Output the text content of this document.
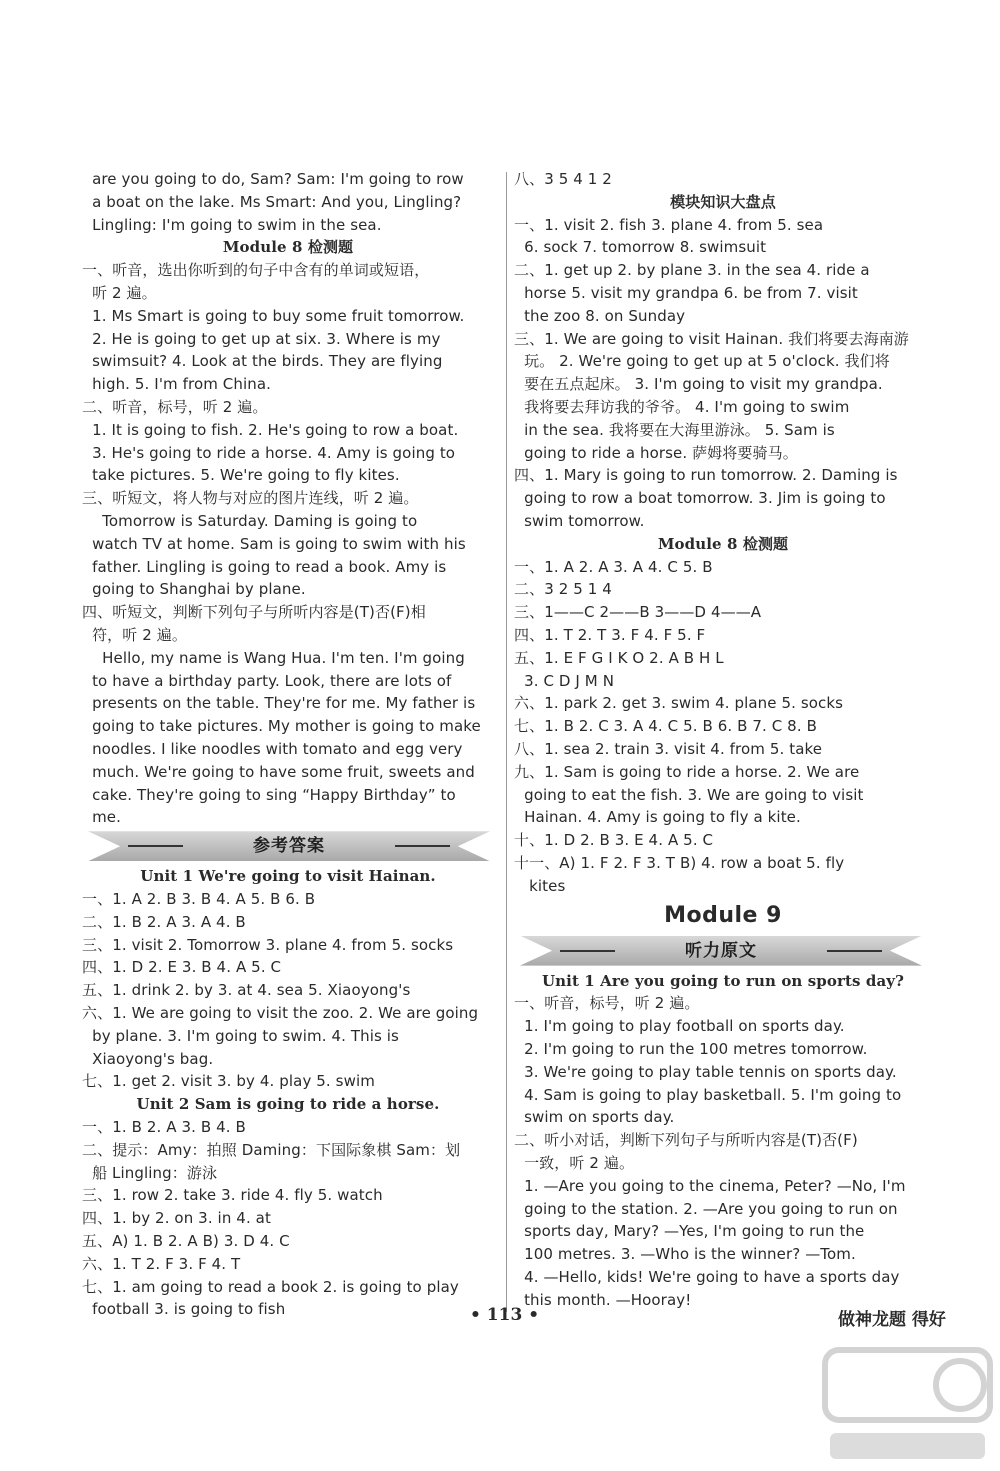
are you going to do, Sam? Sam: I'm going to row
a boat on the lake. Ms Smart: And you, Lingling?
Lingling: I'm going to swim in the sea.
Module 8 检测题
一、听音，选出你听到的句子中含有的单词或短语，
听 2 遍。
1. Ms Smart is going to buy some fruit tomorrow.
2. He is going to get up at six. 3. Where is my
swimsuit? 4. Look at the birds. They are flying
high. 5. I'm from China.
二、听音，标号，听 2 遍。
1. It is going to fish. 2. He's going to row a boat.
3. He's going to ride a horse. 4. Amy is going to
take pictures. 5. We're going to fly kites.
三、听短文，将人物与对应的图片连线，听 2 遍。
Tomorrow is Saturday. Daming is going to
watch TV at home. Sam is going to swim with his
father. Lingling is going to read a book. Amy is
going to Shanghai by plane.
四、听短文，判断下列句子与所听内容是(T)否(F)相
符，听 2 遍。
Hello, my name is Wang Hua. I'm ten. I'm going
to have a birthday party. Look, there are lots of
presents on the table. They're for me. My father is
going to take pictures. My mother is going to make
noodles. I like noodles with tomato and egg very
much. We're going to have some fruit, sweets and
cake. They're going to sing “Happy Birthday” to
me.
参考答案
Unit 1 We're going to visit Hainan.
一、1. A 2. B 3. B 4. A 5. B 6. B
二、1. B 2. A 3. A 4. B
三、1. visit 2. Tomorrow 3. plane 4. from 5. socks
四、1. D 2. E 3. B 4. A 5. C
五、1. drink 2. by 3. at 4. sea 5. Xiaoyong's
六、1. We are going to visit the zoo. 2. We are going
by plane. 3. I'm going to swim. 4. This is
Xiaoyong's bag.
七、1. get 2. visit 3. by 4. play 5. swim
Unit 2 Sam is going to ride a horse.
一、1. B 2. A 3. B 4. B
二、提示：Amy：拍照 Daming：下国际象棋 Sam：划
船 Lingling：游泳
三、1. row 2. take 3. ride 4. fly 5. watch
四、1. by 2. on 3. in 4. at
五、A) 1. B 2. A B) 3. D 4. C
六、1. T 2. F 3. F 4. T
七、1. am going to read a book 2. is going to play
football 3. is going to fish
八、3 5 4 1 2
模块知识大盘点
一、1. visit 2. fish 3. plane 4. from 5. sea
6. sock 7. tomorrow 8. swimsuit
二、1. get up 2. by plane 3. in the sea 4. ride a
horse 5. visit my grandpa 6. be from 7. visit
the zoo 8. on Sunday
三、1. We are going to visit Hainan. 我们将要去海南游
玩。 2. We're going to get up at 5 o'clock. 我们将
要在五点起床。 3. I'm going to visit my grandpa.
我将要去拜访我的爷爷。 4. I'm going to swim
in the sea. 我将要在大海里游泳。 5. Sam is
going to ride a horse. 萨姆将要骑马。
四、1. Mary is going to run tomorrow. 2. Daming is
going to row a boat tomorrow. 3. Jim is going to
swim tomorrow.
Module 8 检测题
一、1. A 2. A 3. A 4. C 5. B
二、3 2 5 1 4
三、1——C 2——B 3——D 4——A
四、1. T 2. T 3. F 4. F 5. F
五、1. E F G I K O 2. A B H L
3. C D J M N
六、1. park 2. get 3. swim 4. plane 5. socks
七、1. B 2. C 3. A 4. C 5. B 6. B 7. C 8. B
八、1. sea 2. train 3. visit 4. from 5. take
九、1. Sam is going to ride a horse. 2. We are
going to eat the fish. 3. We are going to visit
Hainan. 4. Amy is going to fly a kite.
十、1. D 2. B 3. E 4. A 5. C
十一、A) 1. F 2. F 3. T B) 4. row a boat 5. fly
kites
Module 9
听力原文
Unit 1 Are you going to run on sports day?
一、听音，标号，听 2 遍。
1. I'm going to play football on sports day.
2. I'm going to run the 100 metres tomorrow.
3. We're going to play table tennis on sports day.
4. Sam is going to play basketball. 5. I'm going to
swim on sports day.
二、听小对话，判断下列句子与所听内容是(T)否(F)
一致，听 2 遍。
1. —Are you going to the cinema, Peter? —No, I'm
going to the station. 2. —Are you going to run on
sports day, Mary? —Yes, I'm going to run the
100 metres. 3. —Who is the winner? —Tom.
4. —Hello, kids! We're going to have a sports day
this month. —Hooray!
• 113 •	做神龙题 得好
